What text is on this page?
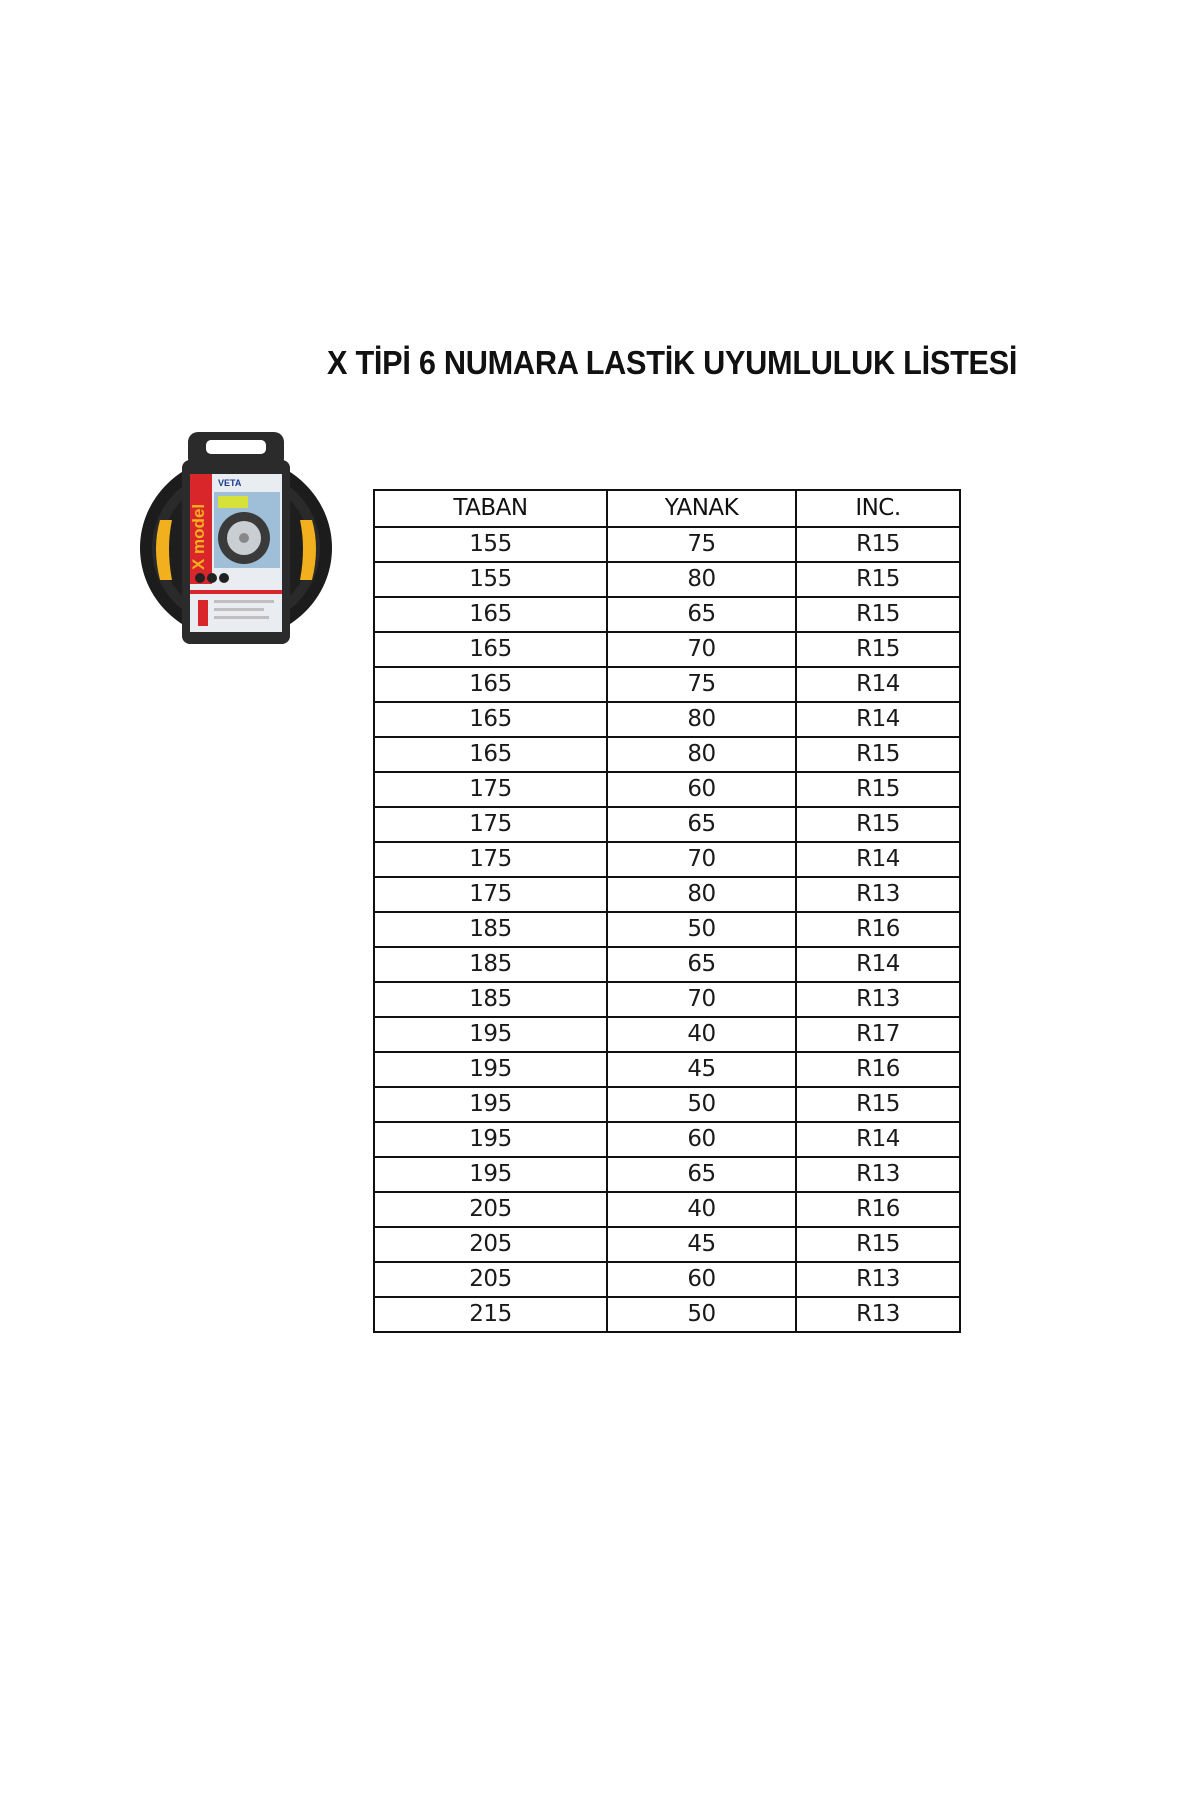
X TİPİ 6 NUMARA LASTİK UYUMLULUK LİSTESİ
X model
VETA
TABAN	YANAK	INC.
155	75	R15
155	80	R15
165	65	R15
165	70	R15
165	75	R14
165	80	R14
165	80	R15
175	60	R15
175	65	R15
175	70	R14
175	80	R13
185	50	R16
185	65	R14
185	70	R13
195	40	R17
195	45	R16
195	50	R15
195	60	R14
195	65	R13
205	40	R16
205	45	R15
205	60	R13
215	50	R13
